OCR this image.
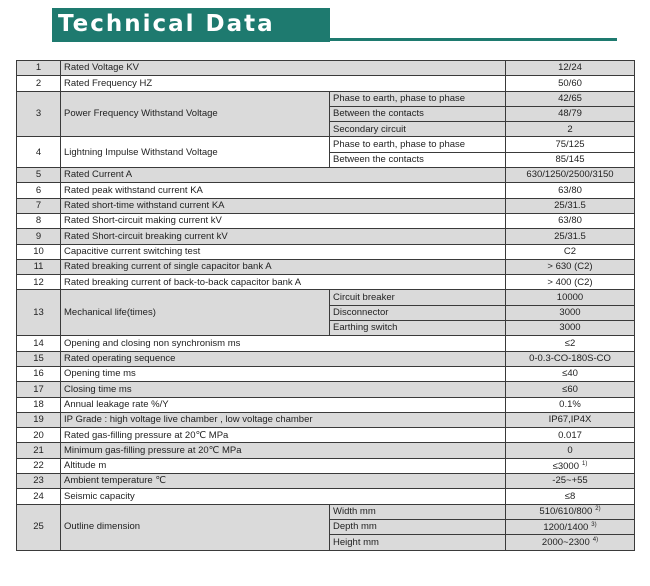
Technical Data
1	Rated Voltage KV		12/24
2	Rated Frequency HZ		50/60
3	Power Frequency Withstand Voltage	Phase to earth, phase to phase	42/65
		Between the contacts	48/79
		Secondary circuit	2
4	Lightning Impulse Withstand Voltage	Phase to earth, phase to phase	75/125
		Between the contacts	85/145
5	Rated Current A		630/1250/2500/3150
6	Rated peak withstand current KA		63/80
7	Rated short-time withstand current KA		25/31.5
8	Rated Short-circuit making current kV		63/80
9	Rated Short-circuit breaking current kV		25/31.5
10	Capacitive current switching test		C2
11	Rated breaking current of single capacitor bank A		> 630 (C2)
12	Rated breaking current of back-to-back capacitor bank A		> 400 (C2)
13	Mechanical life(times)	Circuit breaker	10000
		Disconnector	3000
		Earthing switch	3000
14	Opening and closing non synchronism ms		≤2
15	Rated operating sequence		0-0.3-CO-180S-CO
16	Opening time ms		≤40
17	Closing time ms		≤60
18	Annual leakage rate %/Y		0.1%
19	IP Grade : high voltage live chamber , low voltage chamber		IP67,IP4X
20	Rated gas-filling pressure at 20℃ MPa		0.017
21	Minimum gas-filling pressure at 20℃ MPa		0
22	Altitude m		≤3000 $^{1)}$
23	Ambient temperature ℃		-25~+55
24	Seismic capacity		≤8
25	Outline dimension	Width mm	510/610/800 $^{2)}$
		Depth mm	1200/1400 $^{3)}$
		Height mm	2000~2300 $^{4)}$
